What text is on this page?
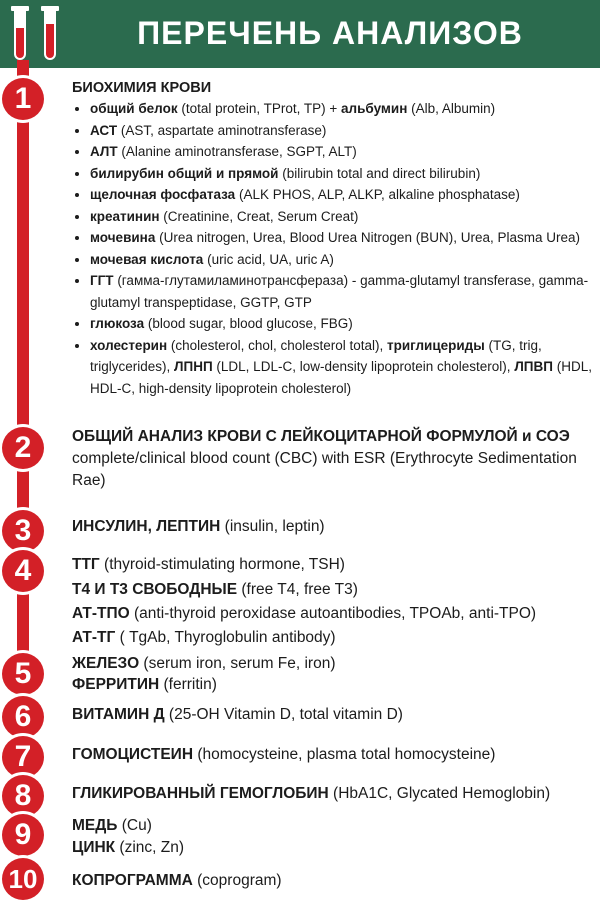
ПЕРЕЧЕНЬ АНАЛИЗОВ
1
2
3
4
5
6
7
8
9
10
БИОХИМИЯ КРОВИ
• общий белок (total protein, TProt, TP) + альбумин (Alb, Albumin)
• АСТ (AST, aspartate aminotransferase)
• АЛТ (Alanine aminotransferase, SGPT, ALT)
• билирубин общий и прямой (bilirubin total and direct bilirubin)
• щелочная фосфатаза (ALK PHOS, ALP, ALKP, alkaline phosphatase)
• креатинин (Creatinine, Creat, Serum Creat)
• мочевина (Urea nitrogen, Urea, Blood Urea Nitrogen (BUN), Urea, Plasma Urea)
• мочевая кислота (uric acid, UA, uric A)
• ГГТ (гамма-глутамиламинотрансфераза) - gamma-glutamyl transferase, gamma-glutamyl transpeptidase, GGTP, GTP
• глюкоза (blood sugar, blood glucose, FBG)
• холестерин (cholesterol, chol, cholesterol total), триглицериды (TG, trig, triglycerides), ЛПНП (LDL, LDL-C, low-density lipoprotein cholesterol), ЛПВП (HDL, HDL-C, high-density lipoprotein cholesterol)
ОБЩИЙ АНАЛИЗ КРОВИ С ЛЕЙКОЦИТАРНОЙ ФОРМУЛОЙ и СОЭ
complete/clinical blood count (CBC) with ESR (Erythrocyte Sedimentation Rae)
ИНСУЛИН, ЛЕПТИН (insulin, leptin)
ТТГ (thyroid-stimulating hormone, TSH)
Т4 И Т3 СВОБОДНЫЕ (free T4, free T3)
АТ-ТПО (anti-thyroid peroxidase autoantibodies, TPOAb, anti-TPO)
АТ-ТГ ( TgAb, Thyroglobulin antibody)
ЖЕЛЕЗО (serum iron, serum Fe, iron)
ФЕРРИТИН (ferritin)
ВИТАМИН Д (25-OH Vitamin D, total vitamin D)
ГОМОЦИСТЕИН (homocysteine, plasma total homocysteine)
ГЛИКИРОВАННЫЙ ГЕМОГЛОБИН (HbA1C, Glycated Hemoglobin)
МЕДЬ (Cu)
ЦИНК (zinc, Zn)
КОПРОГРАММА (coprogram)
